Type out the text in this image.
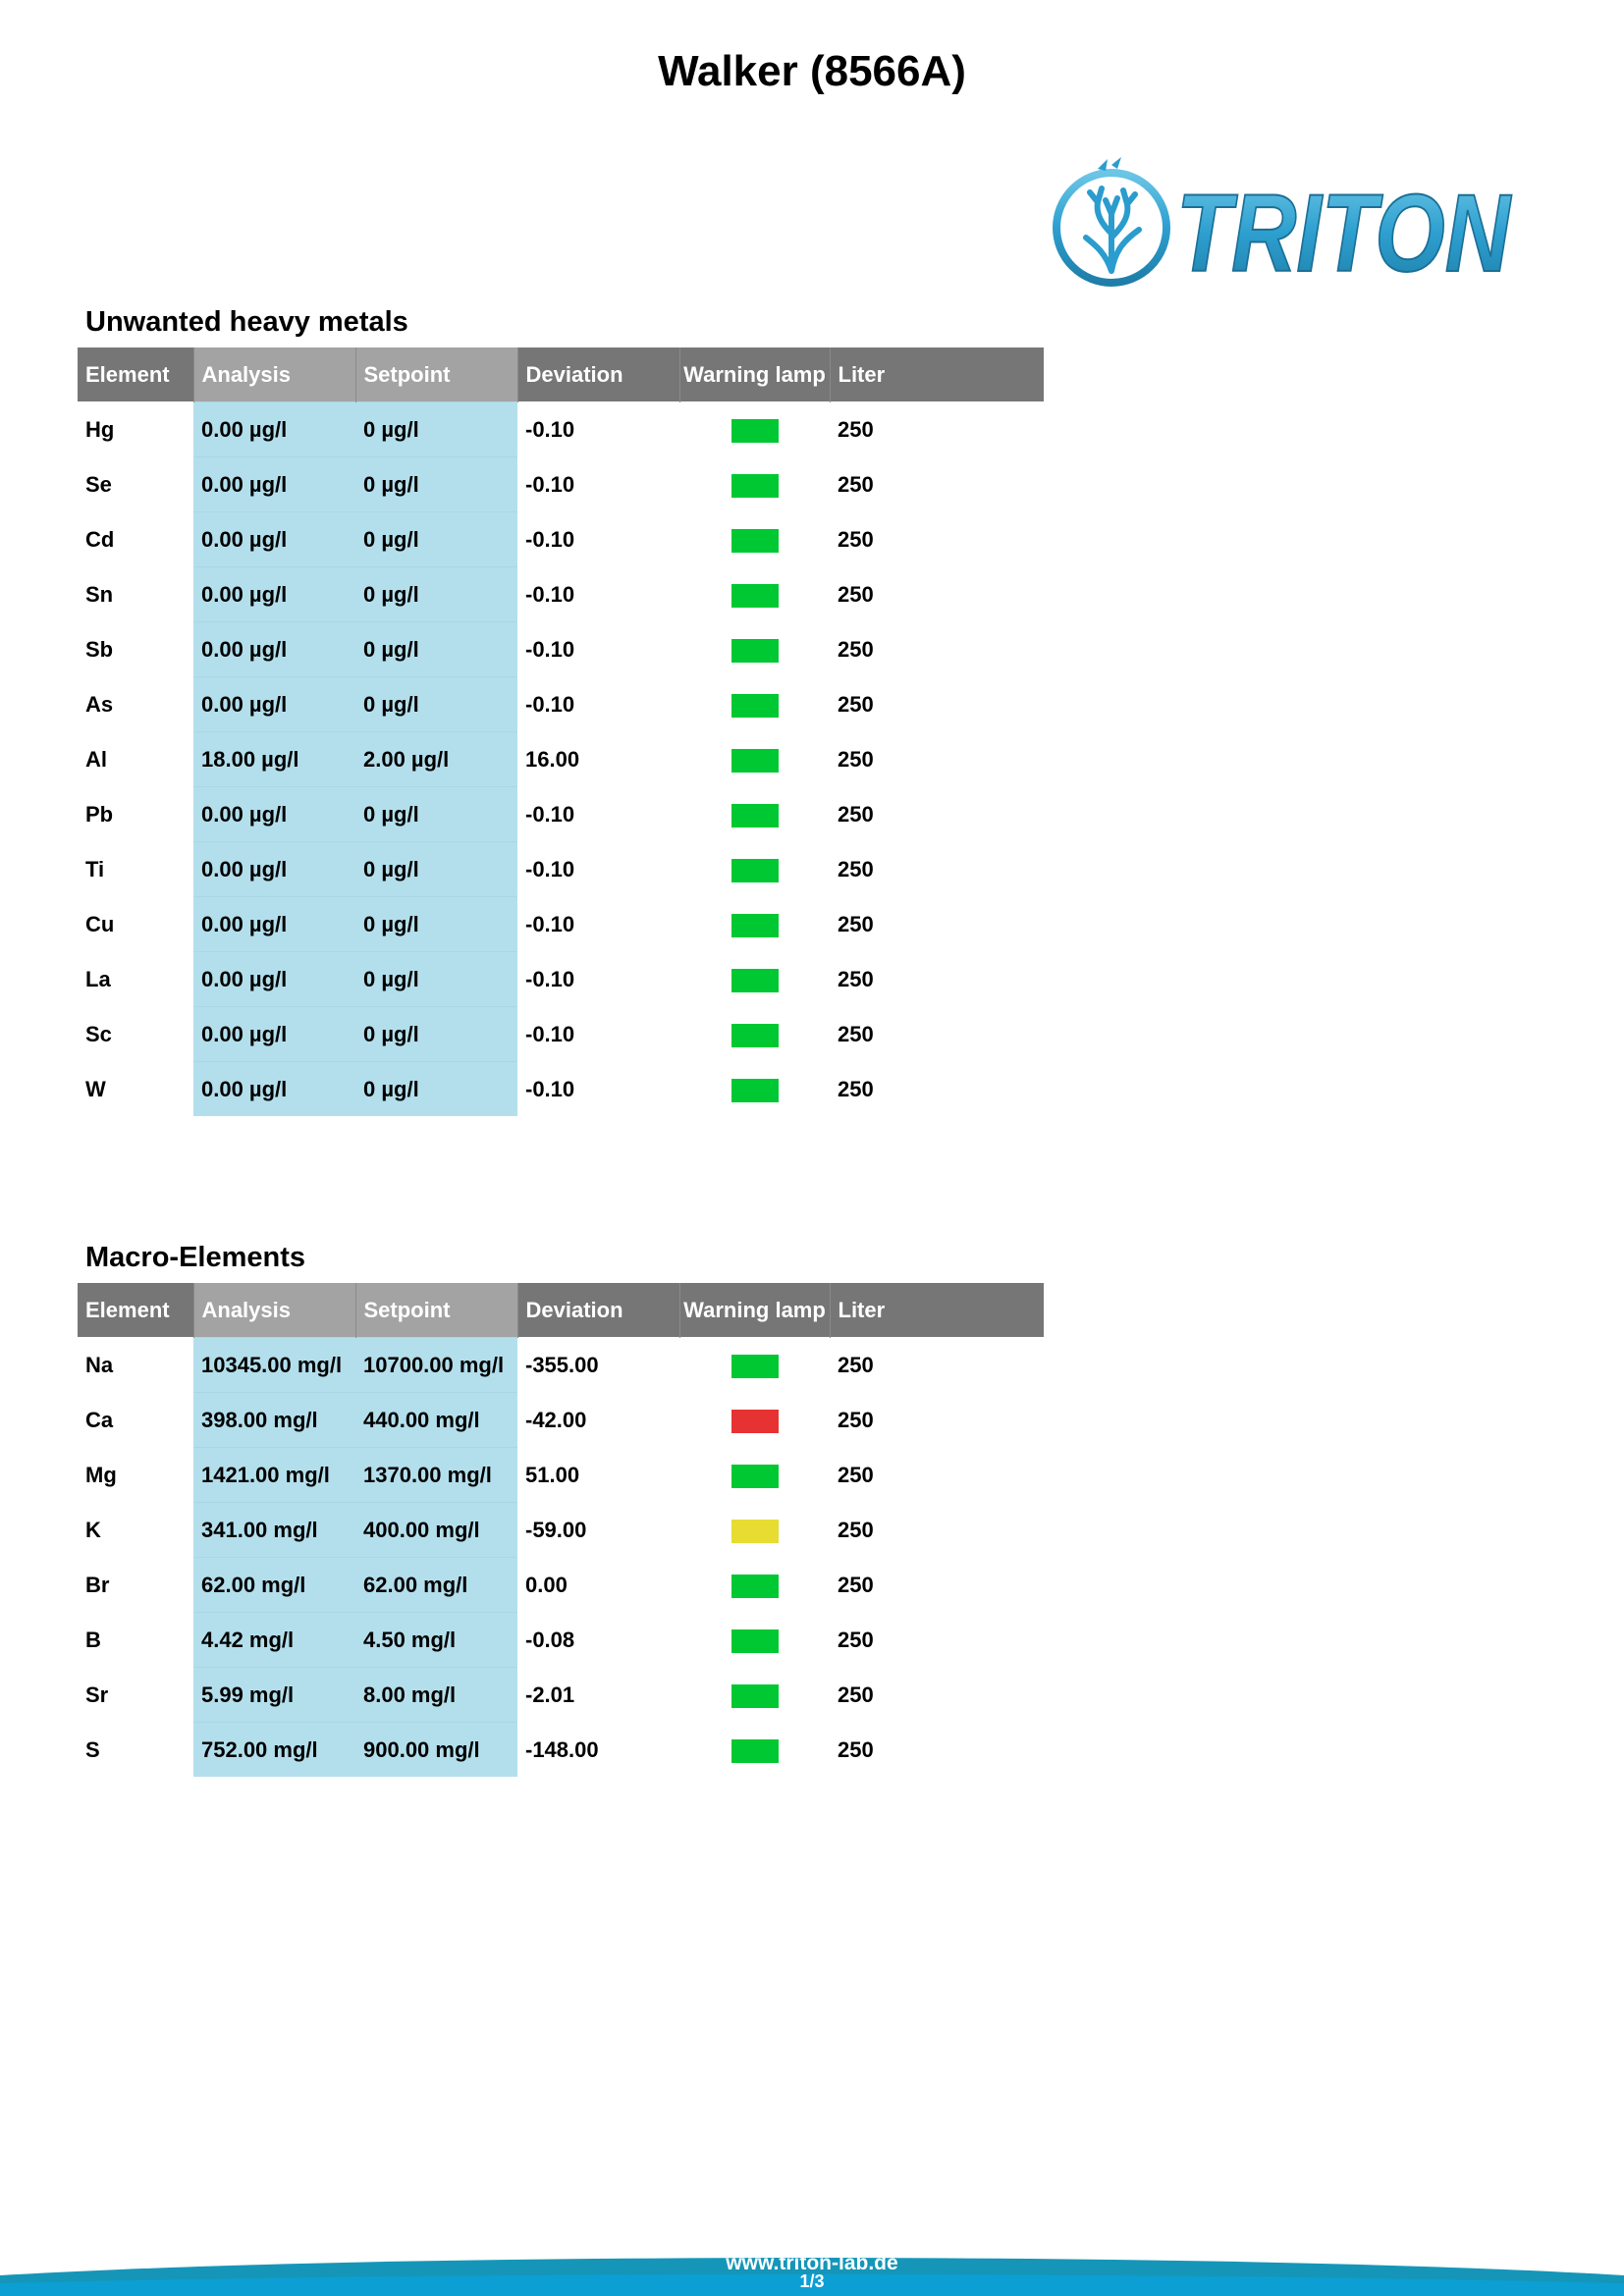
Walker (8566A)
TRITON
Unwanted heavy metals
Element	Analysis	Setpoint	Deviation	Warning lamp	Liter
Hg	0.00 µg/l	0 µg/l	-0.10		250
Se	0.00 µg/l	0 µg/l	-0.10		250
Cd	0.00 µg/l	0 µg/l	-0.10		250
Sn	0.00 µg/l	0 µg/l	-0.10		250
Sb	0.00 µg/l	0 µg/l	-0.10		250
As	0.00 µg/l	0 µg/l	-0.10		250
Al	18.00 µg/l	2.00 µg/l	16.00		250
Pb	0.00 µg/l	0 µg/l	-0.10		250
Ti	0.00 µg/l	0 µg/l	-0.10		250
Cu	0.00 µg/l	0 µg/l	-0.10		250
La	0.00 µg/l	0 µg/l	-0.10		250
Sc	0.00 µg/l	0 µg/l	-0.10		250
W	0.00 µg/l	0 µg/l	-0.10		250
Macro-Elements
Element	Analysis	Setpoint	Deviation	Warning lamp	Liter
Na	10345.00 mg/l	10700.00 mg/l	-355.00		250
Ca	398.00 mg/l	440.00 mg/l	-42.00		250
Mg	1421.00 mg/l	1370.00 mg/l	51.00		250
K	341.00 mg/l	400.00 mg/l	-59.00		250
Br	62.00 mg/l	62.00 mg/l	0.00		250
B	4.42 mg/l	4.50 mg/l	-0.08		250
Sr	5.99 mg/l	8.00 mg/l	-2.01		250
S	752.00 mg/l	900.00 mg/l	-148.00		250
www.triton-lab.de
1/3
